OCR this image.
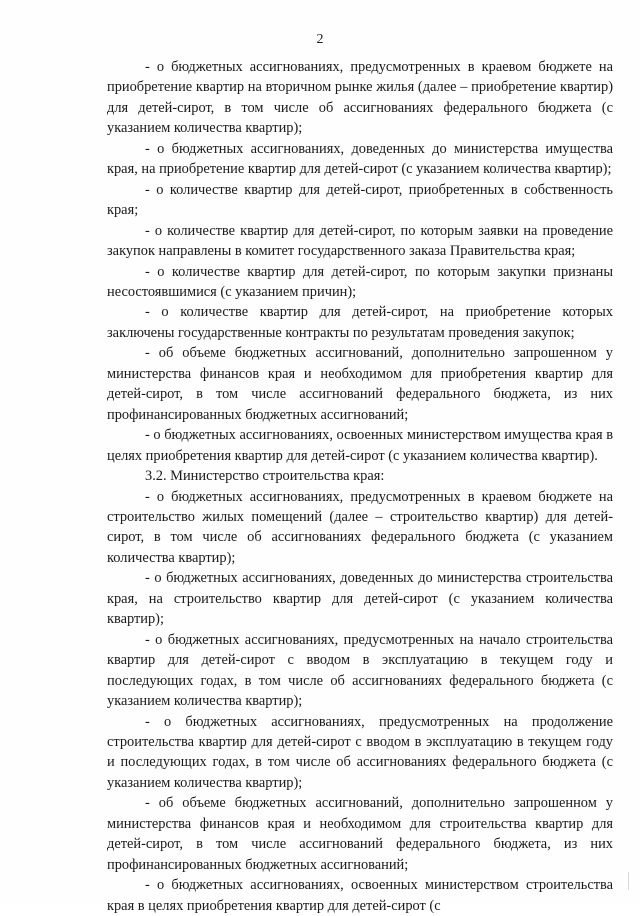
2

- о бюджетных ассигнованиях, предусмотренных в краевом бюджете на приобретение квартир на вторичном рынке жилья (далее – приобретение квартир) для детей-сирот, в том числе об ассигнованиях федерального бюджета (с указанием количества квартир);

- о бюджетных ассигнованиях, доведенных до министерства имущества края, на приобретение квартир для детей-сирот (с указанием количества квартир);

- о количестве квартир для детей-сирот, приобретенных в собственность края;

- о количестве квартир для детей-сирот, по которым заявки на проведение закупок направлены в комитет государственного заказа Правительства края;

- о количестве квартир для детей-сирот, по которым закупки признаны несостоявшимися (с указанием причин);

- о количестве квартир для детей-сирот, на приобретение которых заключены государственные контракты по результатам проведения закупок;

- об объеме бюджетных ассигнований, дополнительно запрошенном у министерства финансов края и необходимом для приобретения квартир для детей-сирот, в том числе ассигнований федерального бюджета, из них профинансированных бюджетных ассигнований;

- о бюджетных ассигнованиях, освоенных министерством имущества края в целях приобретения квартир для детей-сирот (с указанием количества квартир).

3.2. Министерство строительства края:

- о бюджетных ассигнованиях, предусмотренных в краевом бюджете на строительство жилых помещений (далее – строительство квартир) для детей-сирот, в том числе об ассигнованиях федерального бюджета (с указанием количества квартир);

- о бюджетных ассигнованиях, доведенных до министерства строительства края, на строительство квартир для детей-сирот (с указанием количества квартир);

- о бюджетных ассигнованиях, предусмотренных на начало строительства квартир для детей-сирот с вводом в эксплуатацию в текущем году и последующих годах, в том числе об ассигнованиях федерального бюджета (с указанием количества квартир);

- о бюджетных ассигнованиях, предусмотренных на продолжение строительства квартир для детей-сирот с вводом в эксплуатацию в текущем году и последующих годах, в том числе об ассигнованиях федерального бюджета (с указанием количества квартир);

- об объеме бюджетных ассигнований, дополнительно запрошенном у министерства финансов края и необходимом для строительства квартир для детей-сирот, в том числе ассигнований федерального бюджета, из них профинансированных бюджетных ассигнований;

- о бюджетных ассигнованиях, освоенных министерством строительства края в целях приобретения квартир для детей-сирот (с
